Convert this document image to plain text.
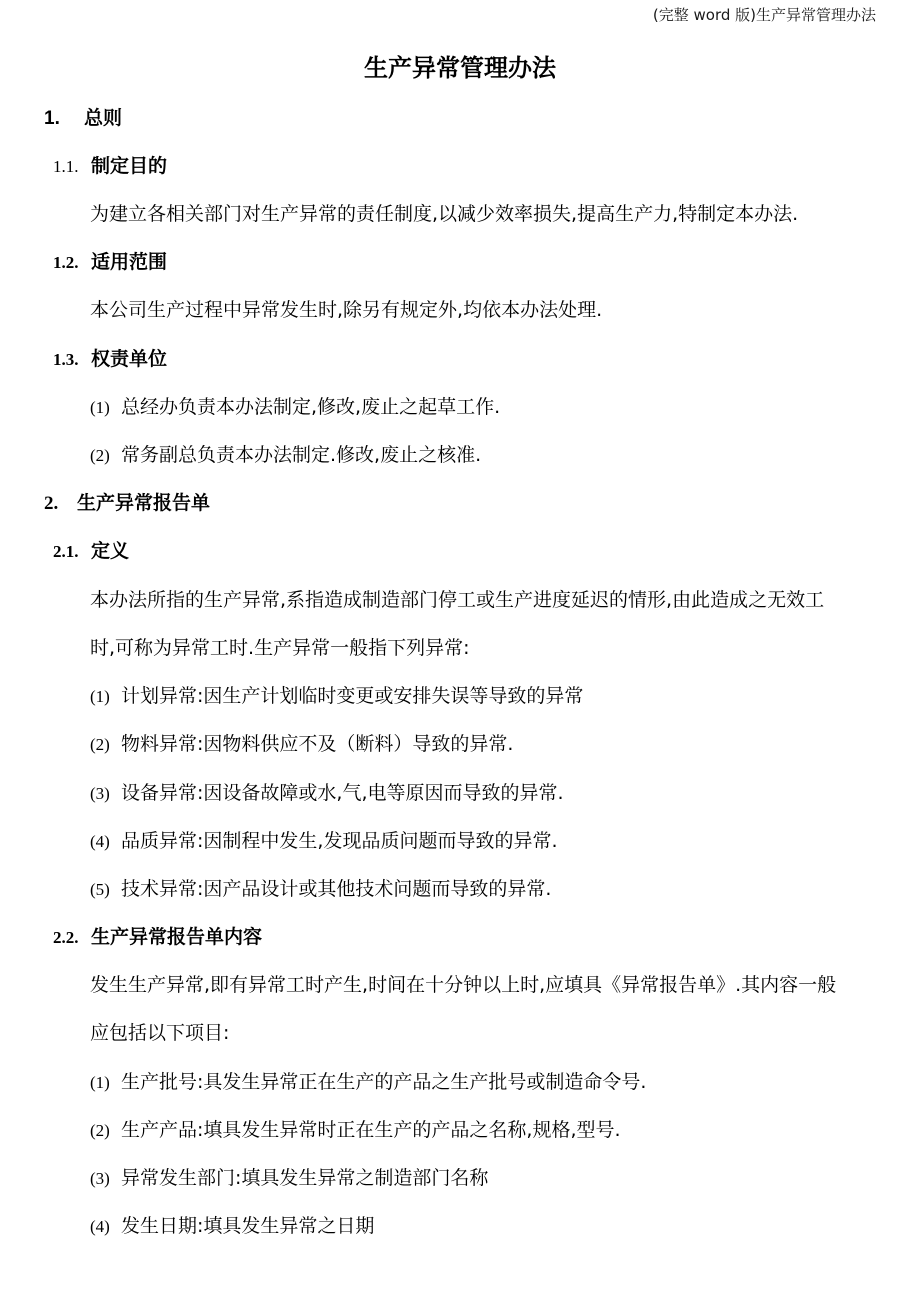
(完整 word 版)生产异常管理办法
生产异常管理办法
1. 总则
1.1. 制定目的
为建立各相关部门对生产异常的责任制度,以减少效率损失,提高生产力,特制定本办法.
1.2. 适用范围
本公司生产过程中异常发生时,除另有规定外,均依本办法处理.
1.3. 权责单位
(1) 总经办负责本办法制定,修改,废止之起草工作.
(2) 常务副总负责本办法制定.修改,废止之核准.
2. 生产异常报告单
2.1. 定义
本办法所指的生产异常,系指造成制造部门停工或生产进度延迟的情形,由此造成之无效工
时,可称为异常工时.生产异常一般指下列异常:
(1) 计划异常:因生产计划临时变更或安排失误等导致的异常
(2) 物料异常:因物料供应不及（断料）导致的异常.
(3) 设备异常:因设备故障或水,气,电等原因而导致的异常.
(4) 品质异常:因制程中发生,发现品质问题而导致的异常.
(5) 技术异常:因产品设计或其他技术问题而导致的异常.
2.2. 生产异常报告单内容
发生生产异常,即有异常工时产生,时间在十分钟以上时,应填具《异常报告单》.其内容一般
应包括以下项目:
(1) 生产批号:具发生异常正在生产的产品之生产批号或制造命令号.
(2) 生产产品:填具发生异常时正在生产的产品之名称,规格,型号.
(3) 异常发生部门:填具发生异常之制造部门名称
(4) 发生日期:填具发生异常之日期
